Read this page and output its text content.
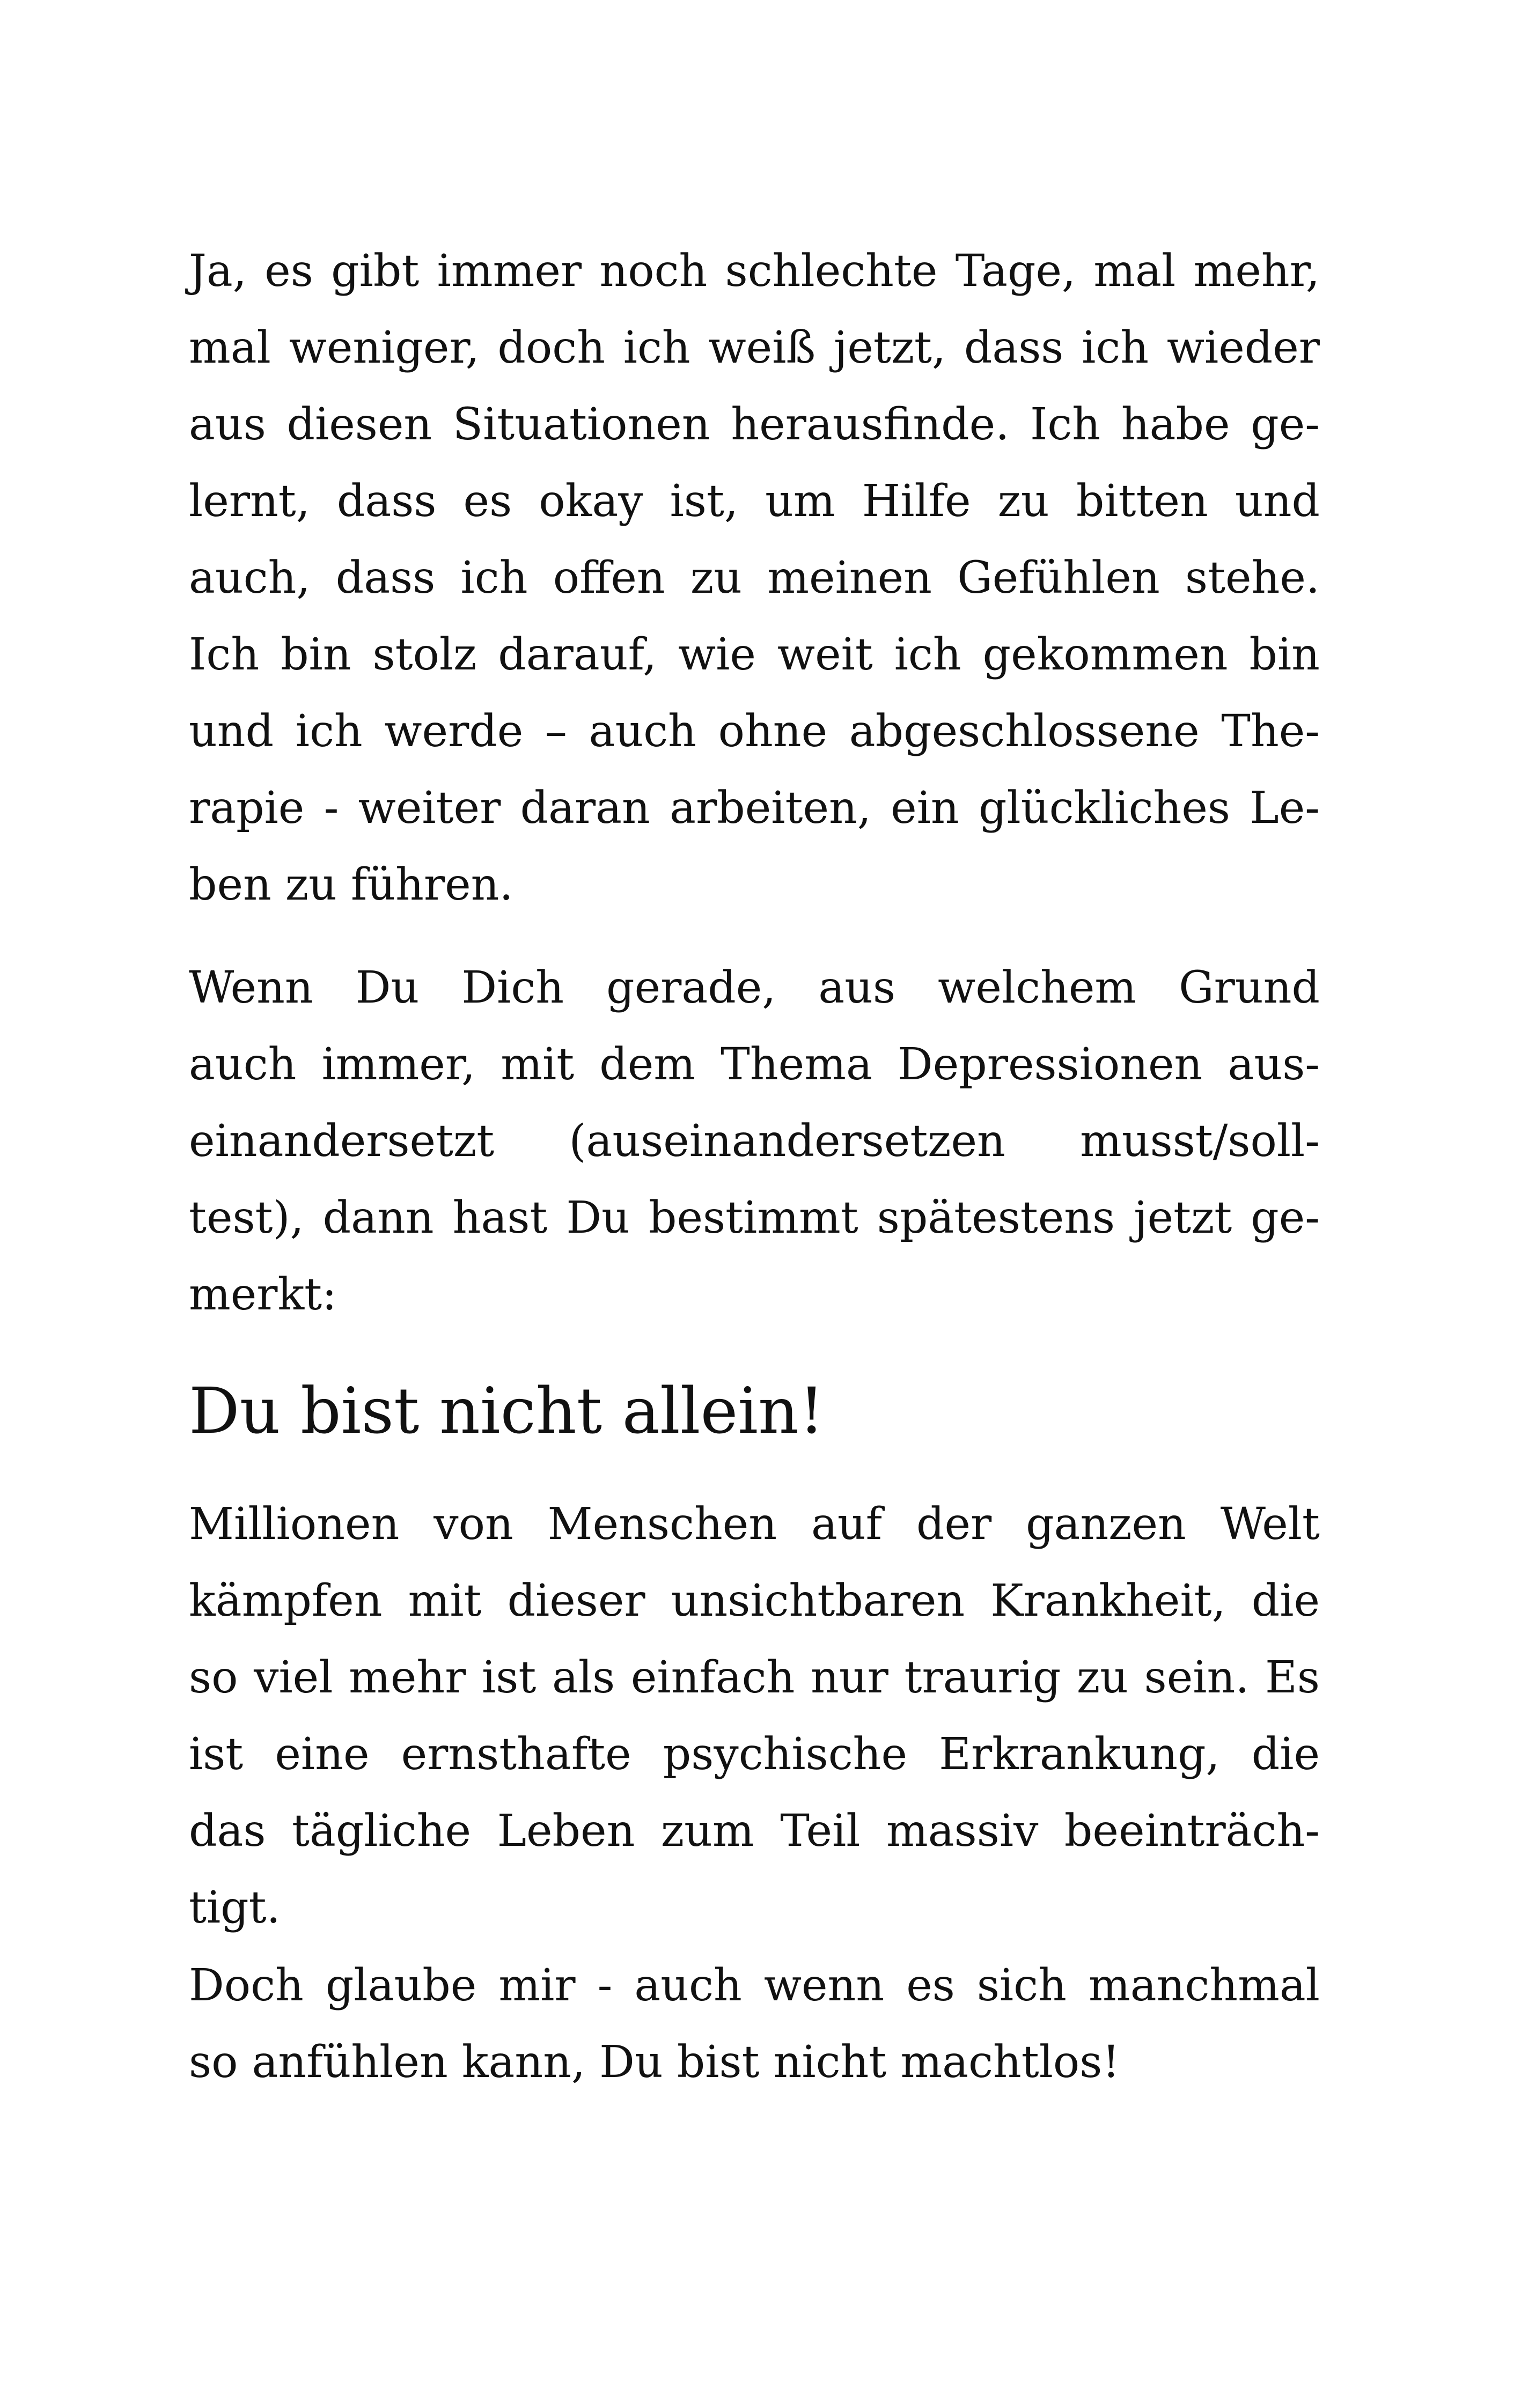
Ja, es gibt immer noch schlechte Tage, mal mehr,
mal weniger, doch ich weiß jetzt, dass ich wieder
aus diesen Situationen herausfinde. Ich habe ge-
lernt, dass es okay ist, um Hilfe zu bitten und
auch, dass ich offen zu meinen Gefühlen stehe.
Ich bin stolz darauf, wie weit ich gekommen bin
und ich werde – auch ohne abgeschlossene The-
rapie - weiter daran arbeiten, ein glückliches Le-
ben zu führen.
Wenn Du Dich gerade, aus welchem Grund
auch immer, mit dem Thema Depressionen aus-
einandersetzt (auseinandersetzen musst/soll-
test), dann hast Du bestimmt spätestens jetzt ge-
merkt:
Du bist nicht allein!
Millionen von Menschen auf der ganzen Welt
kämpfen mit dieser unsichtbaren Krankheit, die
so viel mehr ist als einfach nur traurig zu sein. Es
ist eine ernsthafte psychische Erkrankung, die
das tägliche Leben zum Teil massiv beeinträch-
tigt.
Doch glaube mir - auch wenn es sich manchmal
so anfühlen kann, Du bist nicht machtlos!
